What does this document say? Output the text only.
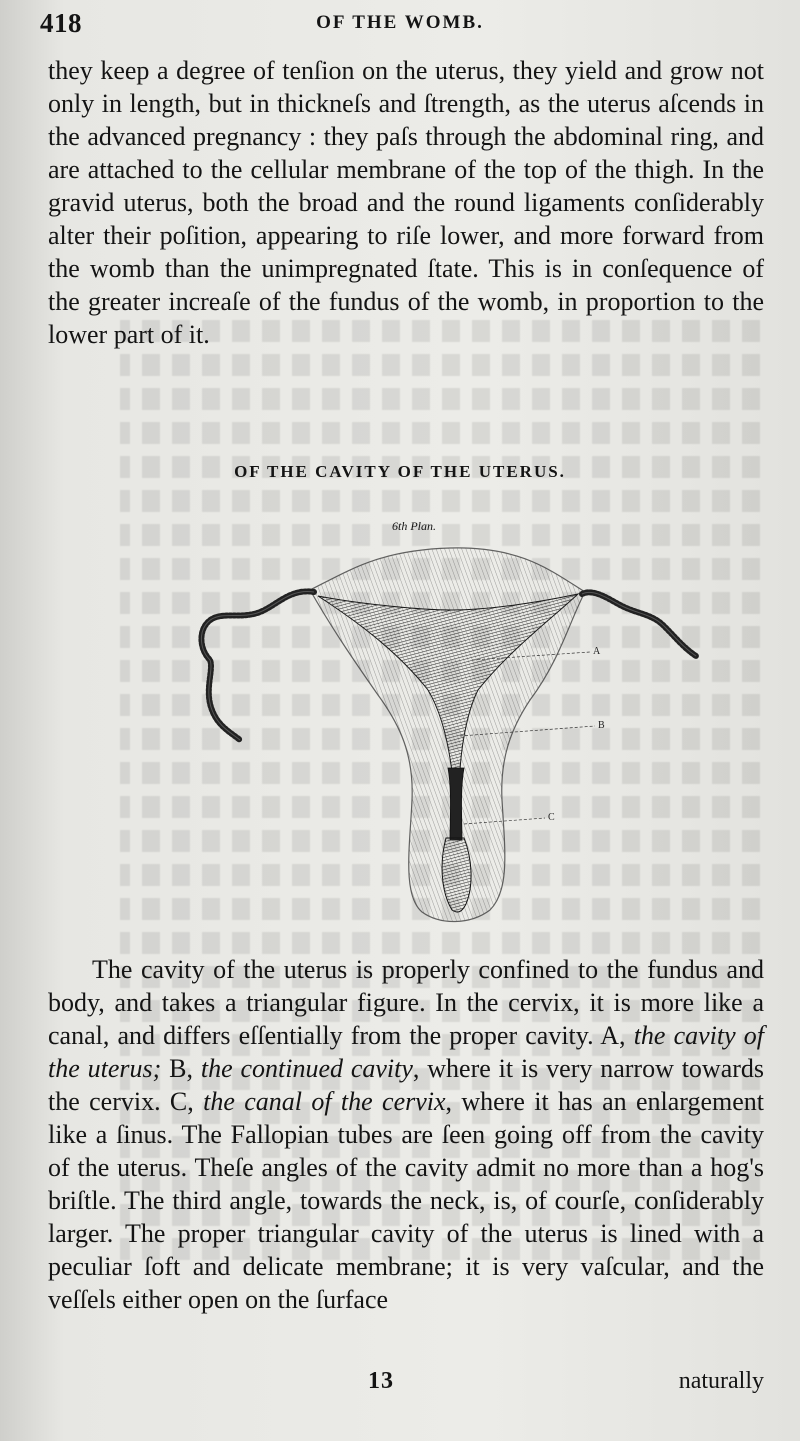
418	OF THE WOMB.
they keep a degree of tenſion on the uterus, they yield and grow not only in length, but in thickneſs and ſtrength, as the uterus aſcends in the advanced pregnancy : they paſs through the abdominal ring, and are attached to the cellular membrane of the top of the thigh. In the gravid uterus, both the broad and the round ligaments conſiderably alter their poſition, appearing to riſe lower, and more forward from the womb than the unimpregnated ſtate. This is in conſequence of the greater increaſe of the fundus of the womb, in proportion to the lower part of it.
OF THE CAVITY OF THE UTERUS.
6th Plan.
A
B
C
The cavity of the uterus is properly confined to the fundus and body, and takes a triangular figure. In the cervix, it is more like a canal, and differs eſſentially from the proper cavity. A, the cavity of the uterus; B, the continued cavity, where it is very narrow towards the cervix. C, the canal of the cervix, where it has an enlargement like a ſinus. The Fallopian tubes are ſeen going off from the cavity of the uterus. Theſe angles of the cavity admit no more than a hog's briſtle. The third angle, towards the neck, is, of courſe, conſiderably larger. The proper triangular cavity of the uterus is lined with a peculiar ſoft and delicate membrane; it is very vaſcular, and the veſſels either open on the ſurface
13	naturally
